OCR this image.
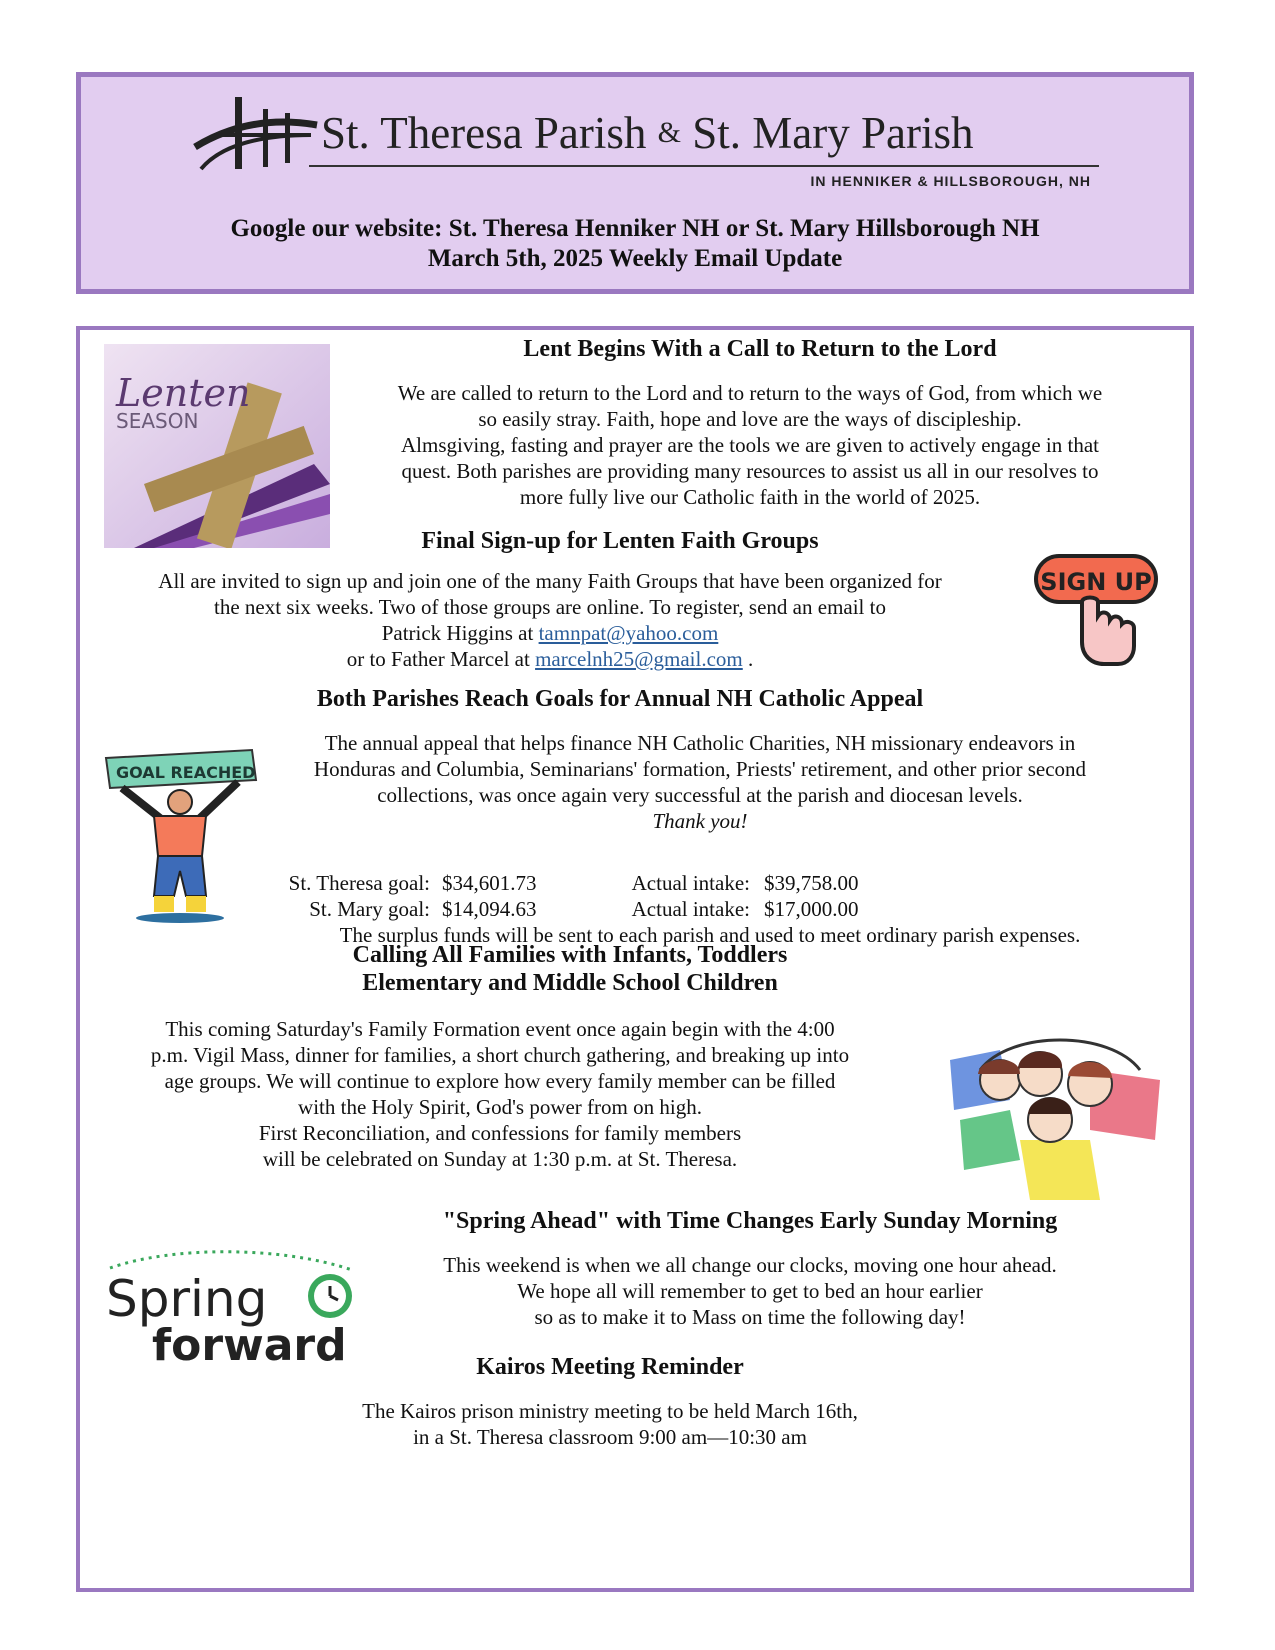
St. Theresa Parish & St. Mary Parish
IN HENNIKER & HILLSBOROUGH, NH
Google our website: St. Theresa Henniker NH or St. Mary Hillsborough NH
March 5th, 2025 Weekly Email Update
Lenten
SEASON
Lent Begins With a Call to Return to the Lord
We are called to return to the Lord and to return to the ways of God, from which we
so easily stray. Faith, hope and love are the ways of discipleship.
Almsgiving, fasting and prayer are the tools we are given to actively engage in that
quest. Both parishes are providing many resources to assist us all in our resolves to
more fully live our Catholic faith in the world of 2025.
Final Sign-up for Lenten Faith Groups
All are invited to sign up and join one of the many Faith Groups that have been organized for
the next six weeks. Two of those groups are online. To register, send an email to
Patrick Higgins at tamnpat@yahoo.com
or to Father Marcel at marcelnh25@gmail.com .
SIGN UP
Both Parishes Reach Goals for Annual NH Catholic Appeal
GOAL REACHED
The annual appeal that helps finance NH Catholic Charities, NH missionary endeavors in
Honduras and Columbia, Seminarians' formation, Priests' retirement, and other prior second
collections, was once again very successful at the parish and diocesan levels.
Thank you!
St. Theresa goal: $34,601.73	Actual intake: $39,758.00
St. Mary goal: $14,094.63	Actual intake: $17,000.00
The surplus funds will be sent to each parish and used to meet ordinary parish expenses.
Calling All Families with Infants, Toddlers
Elementary and Middle School Children
This coming Saturday's Family Formation event once again begin with the 4:00
p.m. Vigil Mass, dinner for families, a short church gathering, and breaking up into
age groups. We will continue to explore how every family member can be filled
with the Holy Spirit, God's power from on high.
First Reconciliation, and confessions for family members
will be celebrated on Sunday at 1:30 p.m. at St. Theresa.
Spring
forward
"Spring Ahead" with Time Changes Early Sunday Morning
This weekend is when we all change our clocks, moving one hour ahead.
We hope all will remember to get to bed an hour earlier
so as to make it to Mass on time the following day!
Kairos Meeting Reminder
The Kairos prison ministry meeting to be held March 16th,
in a St. Theresa classroom 9:00 am—10:30 am
